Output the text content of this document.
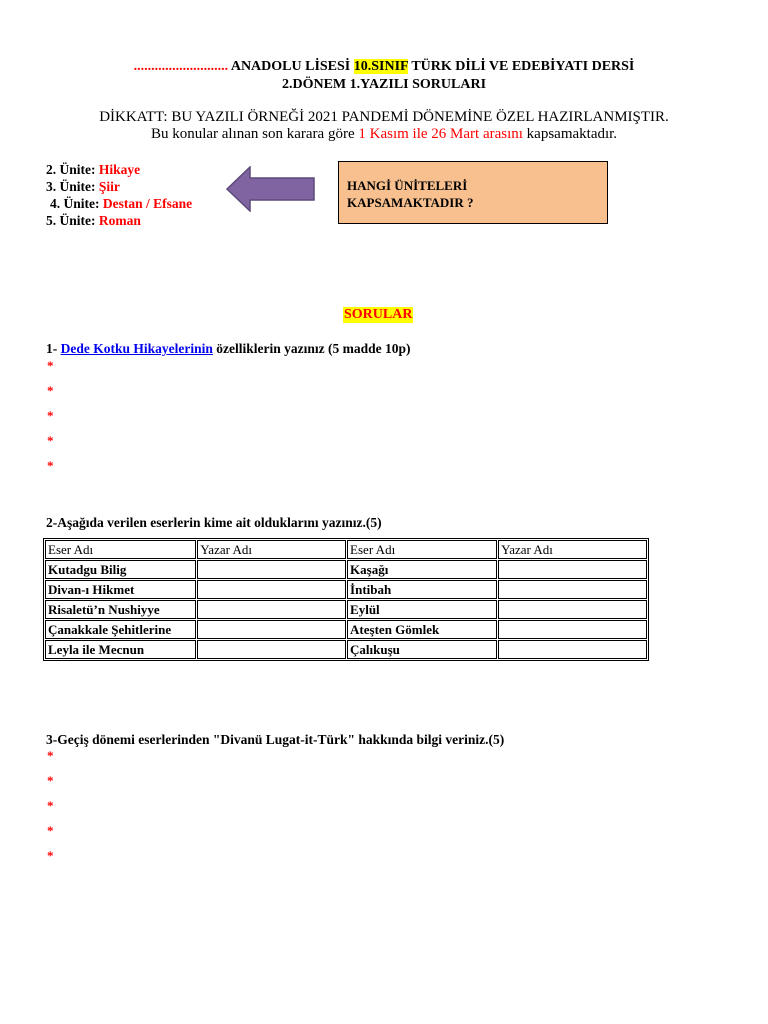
........................... ANADOLU LİSESİ 10.SINIF TÜRK DİLİ VE EDEBİYATI DERSİ
2.DÖNEM 1.YAZILI SORULARI
DİKKATT: BU YAZILI ÖRNEĞİ 2021 PANDEMİ DÖNEMİNE ÖZEL HAZIRLANMIŞTIR.
Bu konular alınan son karara göre 1 Kasım ile 26 Mart arasını kapsamaktadır.
2. Ünite: Hikaye
3. Ünite: Şiir
4. Ünite: Destan / Efsane
5. Ünite: Roman
HANGİ ÜNİTELERİ
KAPSAMAKTADIR ?
SORULAR
1- Dede Kotku Hikayelerinin özelliklerin yazınız (5 madde 10p)
*
*
*
*
*
2-Aşağıda verilen eserlerin kime ait olduklarını yazınız.(5)
Eser Adı	Yazar Adı	Eser Adı	Yazar Adı
Kutadgu Bilig		Kaşağı	
Divan-ı Hikmet		İntibah	
Risaletü’n Nushiyye		Eylül	
Çanakkale Şehitlerine		Ateşten Gömlek	
Leyla ile Mecnun		Çalıkuşu	
3-Geçiş dönemi eserlerinden "Divanü Lugat-it-Türk" hakkında bilgi veriniz.(5)
*
*
*
*
*
